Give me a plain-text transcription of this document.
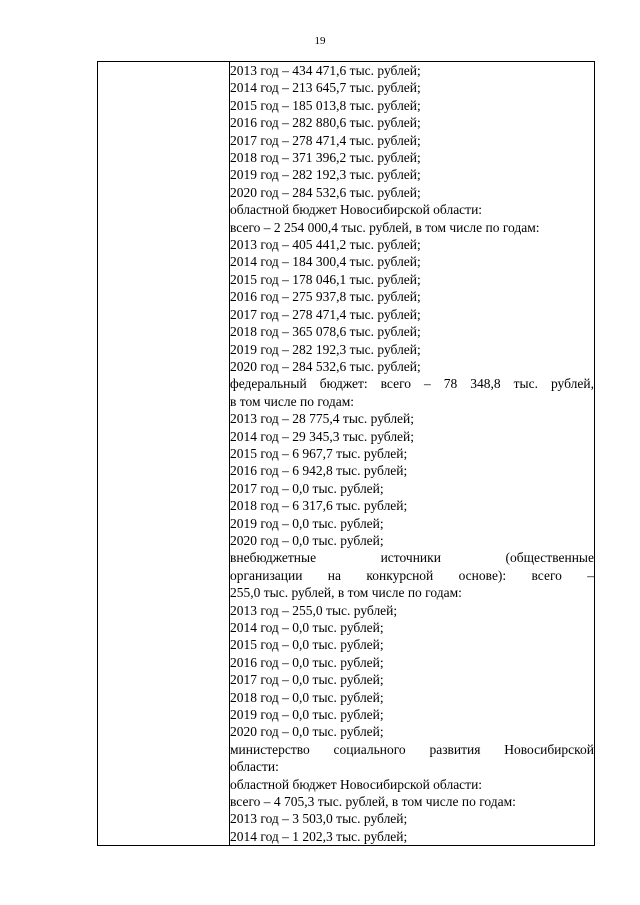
19

2013 год – 434 471,6 тыс. рублей;
2014 год – 213 645,7 тыс. рублей;
2015 год – 185 013,8 тыс. рублей;
2016 год – 282 880,6 тыс. рублей;
2017 год – 278 471,4 тыс. рублей;
2018 год – 371 396,2 тыс. рублей;
2019 год – 282 192,3 тыс. рублей;
2020 год – 284 532,6 тыс. рублей;
областной бюджет Новосибирской области:
всего – 2 254 000,4 тыс. рублей, в том числе по годам:
2013 год – 405 441,2 тыс. рублей;
2014 год – 184 300,4 тыс. рублей;
2015 год – 178 046,1 тыс. рублей;
2016 год – 275 937,8 тыс. рублей;
2017 год – 278 471,4 тыс. рублей;
2018 год – 365 078,6 тыс. рублей;
2019 год – 282 192,3 тыс. рублей;
2020 год – 284 532,6 тыс. рублей;
федеральный бюджет: всего – 78 348,8 тыс. рублей,
в том числе по годам:
2013 год – 28 775,4 тыс. рублей;
2014 год – 29 345,3 тыс. рублей;
2015 год – 6 967,7 тыс. рублей;
2016 год – 6 942,8 тыс. рублей;
2017 год – 0,0 тыс. рублей;
2018 год – 6 317,6 тыс. рублей;
2019 год – 0,0 тыс. рублей;
2020 год – 0,0 тыс. рублей;
внебюджетные источники (общественные
организации на конкурсной основе): всего –
255,0 тыс. рублей, в том числе по годам:
2013 год – 255,0 тыс. рублей;
2014 год – 0,0 тыс. рублей;
2015 год – 0,0 тыс. рублей;
2016 год – 0,0 тыс. рублей;
2017 год – 0,0 тыс. рублей;
2018 год – 0,0 тыс. рублей;
2019 год – 0,0 тыс. рублей;
2020 год – 0,0 тыс. рублей;
министерство социального развития Новосибирской
области:
областной бюджет Новосибирской области:
всего – 4 705,3 тыс. рублей, в том числе по годам:
2013 год – 3 503,0 тыс. рублей;
2014 год – 1 202,3 тыс. рублей;
